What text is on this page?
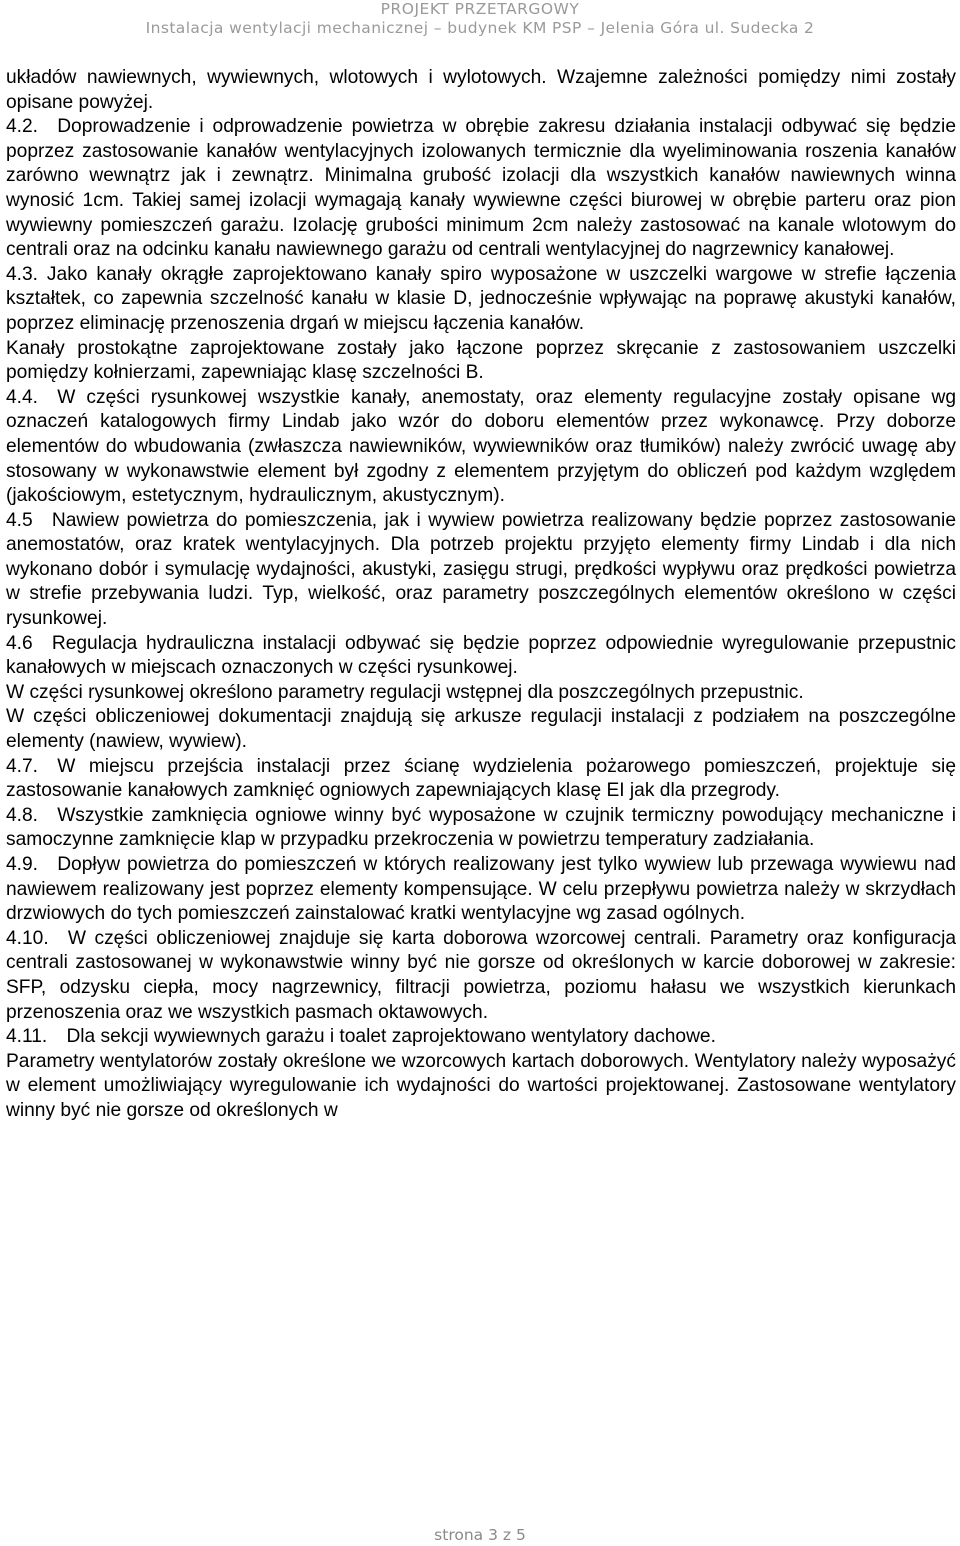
PROJEKT PRZETARGOWY
Instalacja wentylacji mechanicznej – budynek KM PSP – Jelenia Góra ul. Sudecka 2

układów nawiewnych, wywiewnych, wlotowych i wylotowych. Wzajemne zależności pomiędzy nimi zostały opisane powyżej.

4.2. Doprowadzenie i odprowadzenie powietrza w obrębie zakresu działania instalacji odbywać się będzie poprzez zastosowanie kanałów wentylacyjnych izolowanych termicznie dla wyeliminowania roszenia kanałów zarówno wewnątrz jak i zewnątrz. Minimalna grubość izolacji dla wszystkich kanałów nawiewnych winna wynosić 1cm. Takiej samej izolacji wymagają kanały wywiewne części biurowej w obrębie parteru oraz pion wywiewny pomieszczeń garażu. Izolację grubości minimum 2cm należy zastosować na kanale wlotowym do centrali oraz na odcinku kanału nawiewnego garażu od centrali wentylacyjnej do nagrzewnicy kanałowej.

4.3. Jako kanały okrągłe zaprojektowano kanały spiro wyposażone w uszczelki wargowe w strefie łączenia kształtek, co zapewnia szczelność kanału w klasie D, jednocześnie wpływając na poprawę akustyki kanałów, poprzez eliminację przenoszenia drgań w miejscu łączenia kanałów.

Kanały prostokątne zaprojektowane zostały jako łączone poprzez skręcanie z zastosowaniem uszczelki pomiędzy kołnierzami, zapewniając klasę szczelności B.

4.4. W części rysunkowej wszystkie kanały, anemostaty, oraz elementy regulacyjne zostały opisane wg oznaczeń katalogowych firmy Lindab jako wzór do doboru elementów przez wykonawcę. Przy doborze elementów do wbudowania (zwłaszcza nawiewników, wywiewników oraz tłumików) należy zwrócić uwagę aby stosowany w wykonawstwie element był zgodny z elementem przyjętym do obliczeń pod każdym względem (jakościowym, estetycznym, hydraulicznym, akustycznym).

4.5 Nawiew powietrza do pomieszczenia, jak i wywiew powietrza realizowany będzie poprzez zastosowanie anemostatów, oraz kratek wentylacyjnych. Dla potrzeb projektu przyjęto elementy firmy Lindab i dla nich wykonano dobór i symulację wydajności, akustyki, zasięgu strugi, prędkości wypływu oraz prędkości powietrza w strefie przebywania ludzi. Typ, wielkość, oraz parametry poszczególnych elementów określono w części rysunkowej.

4.6 Regulacja hydrauliczna instalacji odbywać się będzie poprzez odpowiednie wyregulowanie przepustnic kanałowych w miejscach oznaczonych w części rysunkowej.

W części rysunkowej określono parametry regulacji wstępnej dla poszczególnych przepustnic.

W części obliczeniowej dokumentacji znajdują się arkusze regulacji instalacji z podziałem na poszczególne elementy (nawiew, wywiew).

4.7. W miejscu przejścia instalacji przez ścianę wydzielenia pożarowego pomieszczeń, projektuje się zastosowanie kanałowych zamknięć ogniowych zapewniających klasę EI jak dla przegrody.

4.8. Wszystkie zamknięcia ogniowe winny być wyposażone w czujnik termiczny powodujący mechaniczne i samoczynne zamknięcie klap w przypadku przekroczenia w powietrzu temperatury zadziałania.

4.9. Dopływ powietrza do pomieszczeń w których realizowany jest tylko wywiew lub przewaga wywiewu nad nawiewem realizowany jest poprzez elementy kompensujące. W celu przepływu powietrza należy w skrzydłach drzwiowych do tych pomieszczeń zainstalować kratki wentylacyjne wg zasad ogólnych.

4.10. W części obliczeniowej znajduje się karta doborowa wzorcowej centrali. Parametry oraz konfiguracja centrali zastosowanej w wykonawstwie winny być nie gorsze od określonych w karcie doborowej w zakresie: SFP, odzysku ciepła, mocy nagrzewnicy, filtracji powietrza, poziomu hałasu we wszystkich kierunkach przenoszenia oraz we wszystkich pasmach oktawowych.

4.11. Dla sekcji wywiewnych garażu i toalet zaprojektowano wentylatory dachowe.

Parametry wentylatorów zostały określone we wzorcowych kartach doborowych. Wentylatory należy wyposażyć w element umożliwiający wyregulowanie ich wydajności do wartości projektowanej. Zastosowane wentylatory winny być nie gorsze od określonych w

strona 3 z 5
